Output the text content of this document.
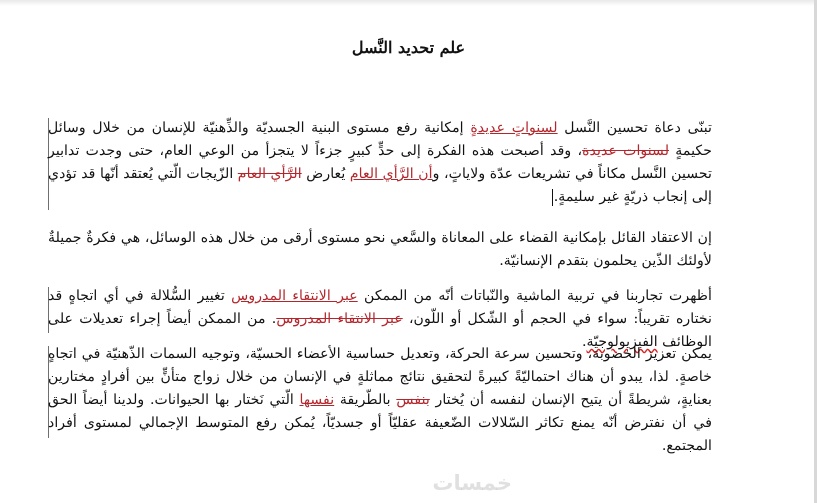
علم تحديد النَّسل

تبنّى دعاة تحسين النَّسل لسنواتٍ عديدةٍ إمكانية رفع مستوى البنية الجسديّة والذِّهنيّة للإنسان من خلال وسائل حكيمةٍ لسنوات عديدة، وقد أصبحت هذه الفكرة إلى حدٍّ كبيرٍ جزءاً لا يتجزأ من الوعي العام، حتى وجدت تدابير تحسين النَّسل مكاناً في تشريعات عدّة ولاياتٍ، وأن الرَّأي العام يُعارض الرَّأي العام الزّيجات الّتي يُعتقد أنّها قد تؤدي إلى إنجاب ذريّةٍ غير سليمةٍ.

إن الاعتقاد القائل بإمكانية القضاء على المعاناة والسَّعي نحو مستوى أرقى من خلال هذه الوسائل، هي فكرةٌ جميلةٌ لأولئك الذّين يحلمون بتقدم الإنسانيّة.

أظهرت تجاربنا في تربية الماشية والنّباتات أنّه من الممكن عبر الانتقاء المدروس تغيير السُّلالة في أي اتجاهٍ قد نختاره تقريباً: سواء في الحجم أو الشّكل أو اللّون، عبر الانتقاء المدروس. من الممكن أيضاً إجراء تعديلات على الوظائف الفيزيولوجيّة.

يمكن تعزيز الخصوبة، وتحسين سرعة الحركة، وتعديل حساسية الأعضاء الحسيّة، وتوجيه السمات الذّهنيّة في اتجاهٍ خاصةٍ. لذا، يبدو أن هناك احتماليّةً كبيرةً لتحقيق نتائج مماثلةٍ في الإنسان من خلال زواج متأنٍّ بين أفرادٍ مختارين بعنايةٍ، شريطةً أن يتيح الإنسان لنفسه أن يُختار بنفس بالطّريقة نفسها الّتي نَختار بها الحيوانات. ولدينا أيضاً الحق في أن نفترض أنّه يمنع تكاثر السّلالات الضّعيفة عقليّاً أو جسديّاً، يُمكن رفع المتوسط الإجمالي لمستوى أفراد المجتمع.

خمسات
